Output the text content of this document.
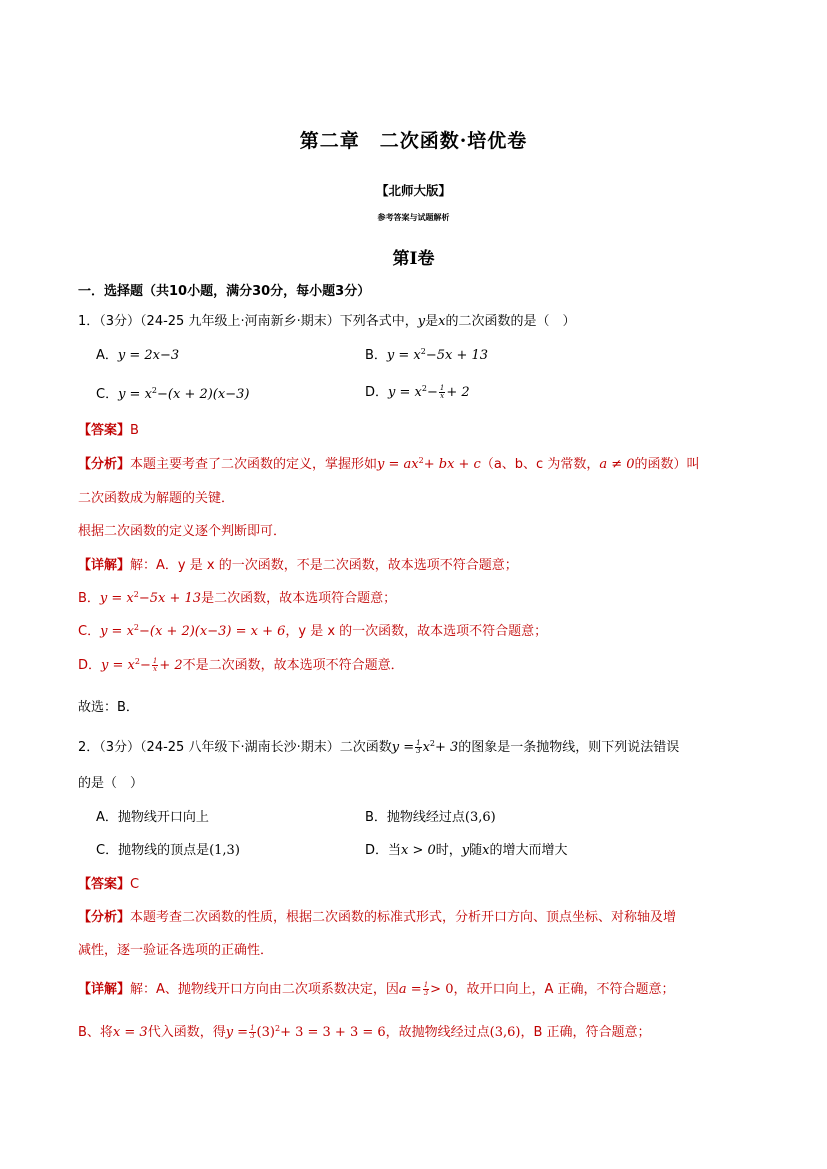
第二章　二次函数·培优卷
【北师大版】
参考答案与试题解析
第I卷
一．选择题（共10小题，满分30分，每小题3分）
1．（3分）（24-25 九年级上·河南新乡·期末）下列各式中，y是x的二次函数的是（　）
A．y = 2x−3	B．$y = x^2-5x + 13$
C．$y = x^2-(x + 2)(x-3)$	D．$y = x^2- \frac{1}{x} + 2$
【答案】B
【分析】本题主要考查了二次函数的定义，掌握形如$y = ax^2+$ bx + c（a、b、c 为常数，a ≠ 0的函数）叫
二次函数成为解题的关键．
根据二次函数的定义逐个判断即可．
【详解】解：A．y 是 x 的一次函数，不是二次函数，故本选项不符合题意；
B．$y = x^2-5x + 13$是二次函数，故本选项符合题意；
C．$y = x^2-(x + 2)(x-3) = x + 6$，y 是 x 的一次函数，故本选项不符合题意；
D．$y = x^2- \frac{1}{x} + 2$不是二次函数，故本选项不符合题意．
故选：B．
2．（3分）（24-25 八年级下·湖南长沙·期末）二次函数$y = \frac{1}{3} x^2+ 3$的图象是一条抛物线，则下列说法错误
的是（　）
A．抛物线开口向上	B．抛物线经过点(3,6)
C．抛物线的顶点是(1,3)	D．当x > 0时，y随x的增大而增大
【答案】C
【分析】本题考查二次函数的性质，根据二次函数的标准式形式，分析开口方向、顶点坐标、对称轴及增
减性，逐一验证各选项的正确性．
【详解】解：A、抛物线开口方向由二次项系数决定，因$a = \frac{1}{3} > 0$，故开口向上，A 正确，不符合题意；
B、将x = 3代入函数，得$y = \frac{1}{3} (3)^2+ 3 = 3 + 3 = 6$，故抛物线经过点(3,6)，B 正确，符合题意；
